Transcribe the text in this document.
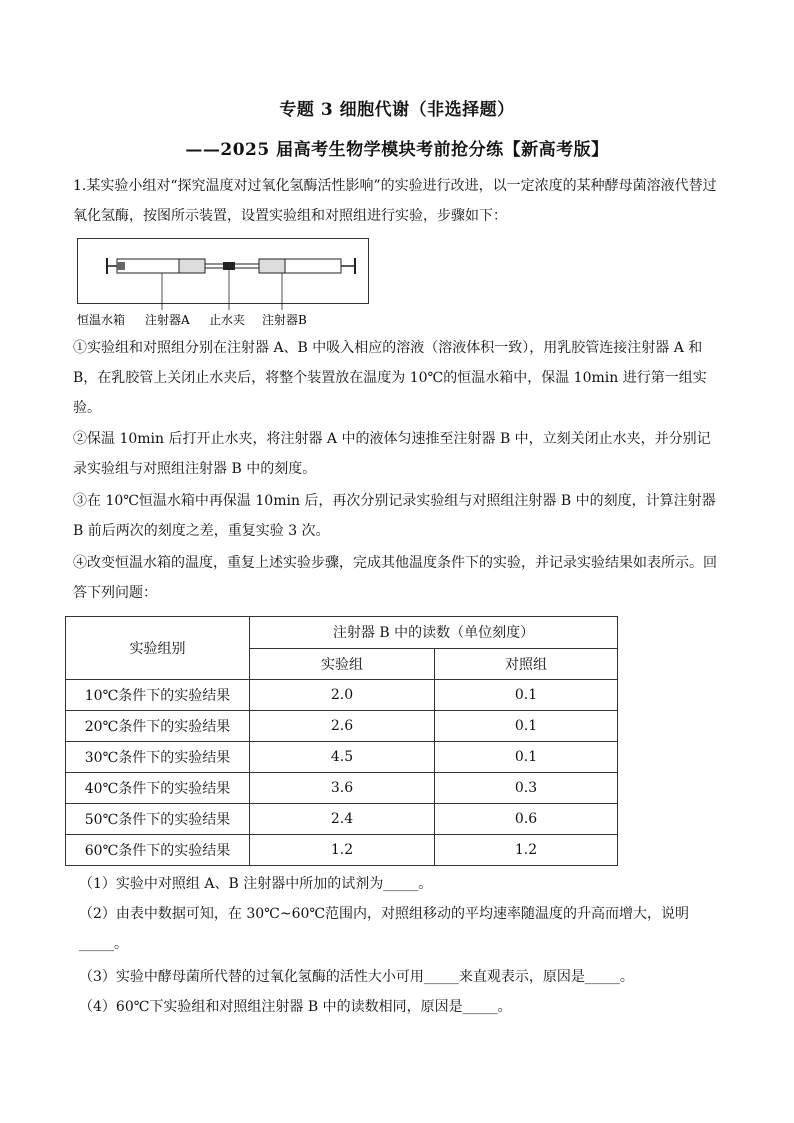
专题 3 细胞代谢（非选择题）
——2025 届高考生物学模块考前抢分练【新高考版】
1.某实验小组对“探究温度对过氧化氢酶活性影响”的实验进行改进，以一定浓度的某种酵母菌溶液代替过氧化氢酶，按图所示装置，设置实验组和对照组进行实验，步骤如下：
恒温水箱 注射器A 止水夹 注射器B
①实验组和对照组分别在注射器 A、B 中吸入相应的溶液（溶液体积一致），用乳胶管连接注射器 A 和 B，在乳胶管上关闭止水夹后，将整个装置放在温度为 10℃的恒温水箱中，保温 10min 进行第一组实验。
②保温 10min 后打开止水夹，将注射器 A 中的液体匀速推至注射器 B 中，立刻关闭止水夹，并分别记录实验组与对照组注射器 B 中的刻度。
③在 10℃恒温水箱中再保温 10min 后，再次分别记录实验组与对照组注射器 B 中的刻度，计算注射器 B 前后两次的刻度之差，重复实验 3 次。
④改变恒温水箱的温度，重复上述实验步骤，完成其他温度条件下的实验，并记录实验结果如表所示。回答下列问题：
实验组别	注射器 B 中的读数（单位刻度）	
	实验组	对照组
10℃条件下的实验结果	2.0	0.1
20℃条件下的实验结果	2.6	0.1
30℃条件下的实验结果	4.5	0.1
40℃条件下的实验结果	3.6	0.3
50℃条件下的实验结果	2.4	0.6
60℃条件下的实验结果	1.2	1.2
（1）实验中对照组 A、B 注射器中所加的试剂为_____。
（2）由表中数据可知，在 30℃~60℃范围内，对照组移动的平均速率随温度的升高而增大，说明_____。
（3）实验中酵母菌所代替的过氧化氢酶的活性大小可用_____来直观表示，原因是_____。
（4）60℃下实验组和对照组注射器 B 中的读数相同，原因是_____。
